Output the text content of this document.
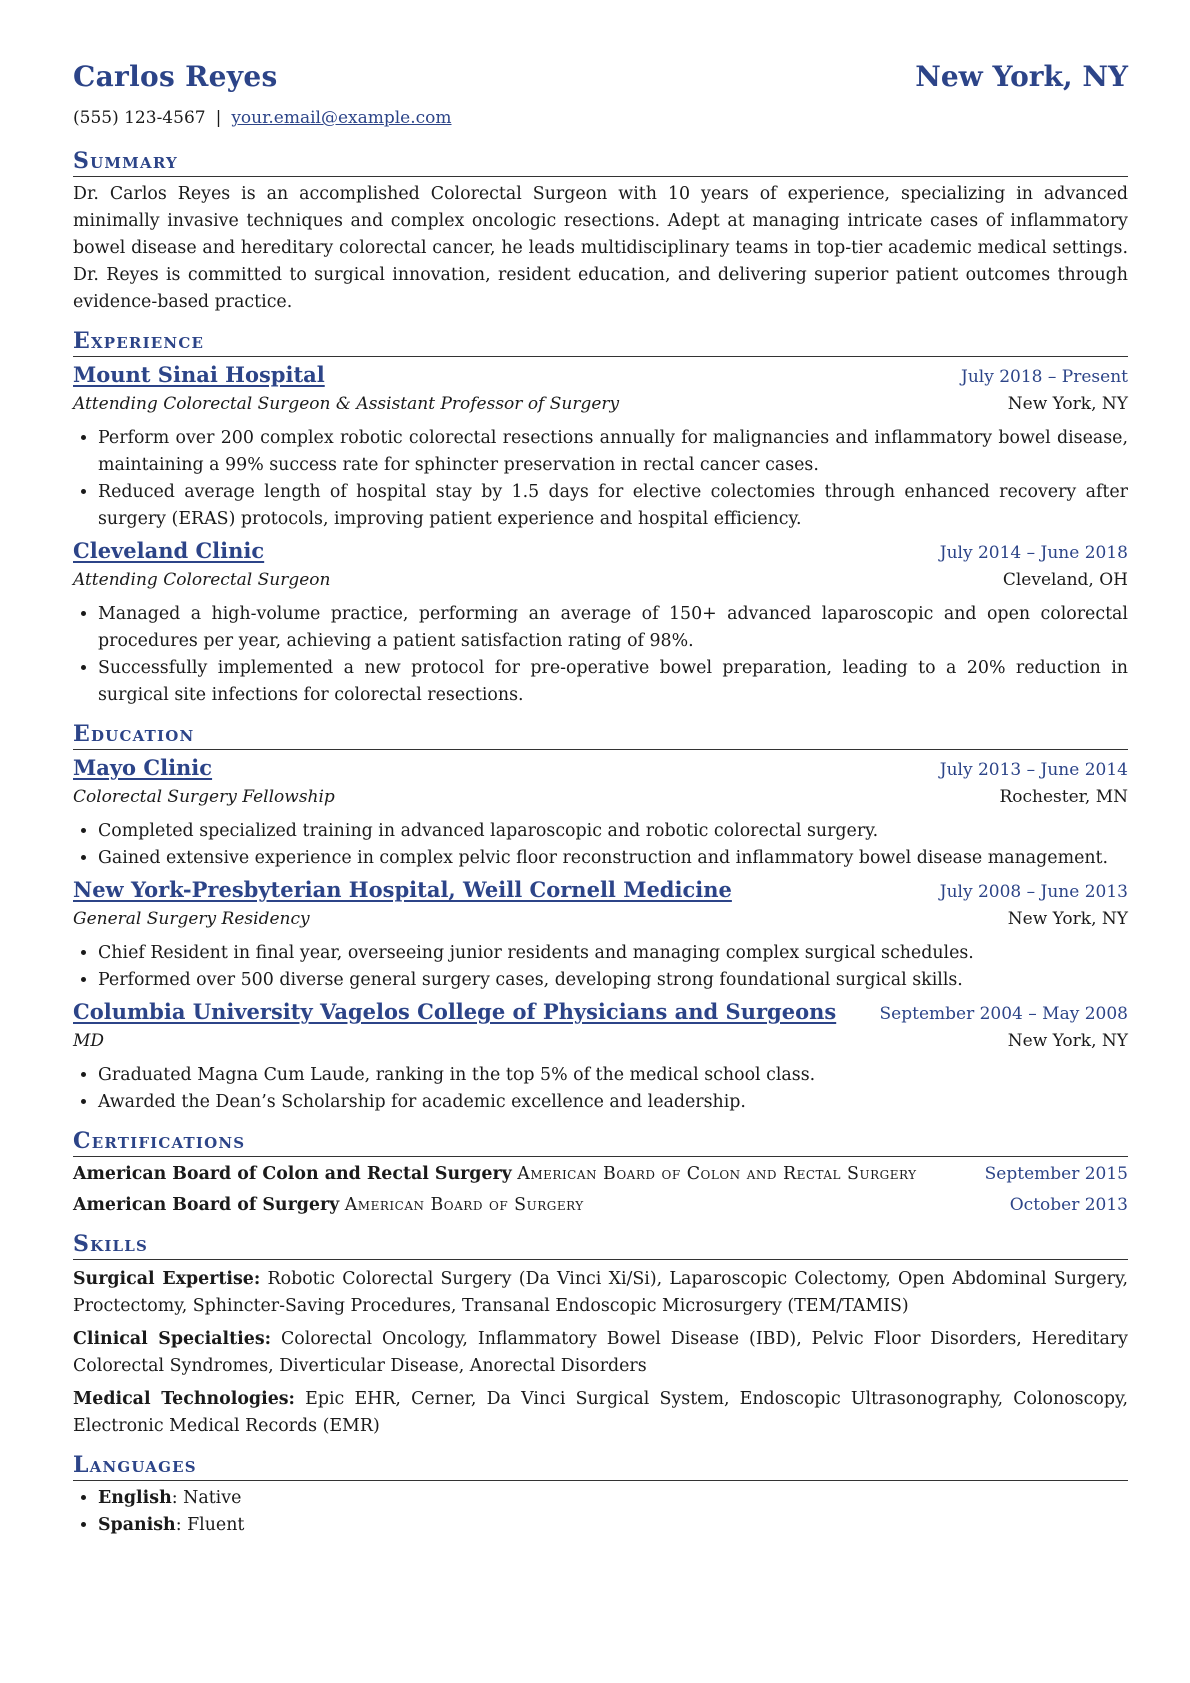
Carlos Reyes	New York, NY
(555) 123-4567 | your.email@example.com
Summary
Dr. Carlos Reyes is an accomplished Colorectal Surgeon with 10 years of experience, specializing in advanced minimally invasive techniques and complex oncologic resections. Adept at managing intricate cases of inflammatory bowel disease and hereditary colorectal cancer, he leads multidisciplinary teams in top-tier academic medical settings. Dr. Reyes is committed to surgical innovation, resident education, and delivering superior patient outcomes through evidence-based practice.
Experience
Mount Sinai Hospital	July 2018 – Present
Attending Colorectal Surgeon & Assistant Professor of Surgery	New York, NY
• Perform over 200 complex robotic colorectal resections annually for malignancies and inflammatory bowel disease, maintaining a 99% success rate for sphincter preservation in rectal cancer cases.
• Reduced average length of hospital stay by 1.5 days for elective colectomies through enhanced recovery after surgery (ERAS) protocols, improving patient experience and hospital efficiency.
Cleveland Clinic	July 2014 – June 2018
Attending Colorectal Surgeon	Cleveland, OH
• Managed a high-volume practice, performing an average of 150+ advanced laparoscopic and open colorectal procedures per year, achieving a patient satisfaction rating of 98%.
• Successfully implemented a new protocol for pre-operative bowel preparation, leading to a 20% reduction in surgical site infections for colorectal resections.
Education
Mayo Clinic	July 2013 – June 2014
Colorectal Surgery Fellowship	Rochester, MN
• Completed specialized training in advanced laparoscopic and robotic colorectal surgery.
• Gained extensive experience in complex pelvic floor reconstruction and inflammatory bowel disease management.
New York-Presbyterian Hospital, Weill Cornell Medicine	July 2008 – June 2013
General Surgery Residency	New York, NY
• Chief Resident in final year, overseeing junior residents and managing complex surgical schedules.
• Performed over 500 diverse general surgery cases, developing strong foundational surgical skills.
Columbia University Vagelos College of Physicians and Surgeons	September 2004 – May 2008
MD	New York, NY
• Graduated Magna Cum Laude, ranking in the top 5% of the medical school class.
• Awarded the Dean’s Scholarship for academic excellence and leadership.
Certifications
American Board of Colon and Rectal Surgery American Board of Colon and Rectal Surgery	September 2015
American Board of Surgery American Board of Surgery	October 2013
Skills
Surgical Expertise: Robotic Colorectal Surgery (Da Vinci Xi/Si), Laparoscopic Colectomy, Open Abdominal Surgery, Proctectomy, Sphincter-Saving Procedures, Transanal Endoscopic Microsurgery (TEM/TAMIS)
Clinical Specialties: Colorectal Oncology, Inflammatory Bowel Disease (IBD), Pelvic Floor Disorders, Hereditary Colorectal Syndromes, Diverticular Disease, Anorectal Disorders
Medical Technologies: Epic EHR, Cerner, Da Vinci Surgical System, Endoscopic Ultrasonography, Colonoscopy, Electronic Medical Records (EMR)
Languages
• English: Native
• Spanish: Fluent
